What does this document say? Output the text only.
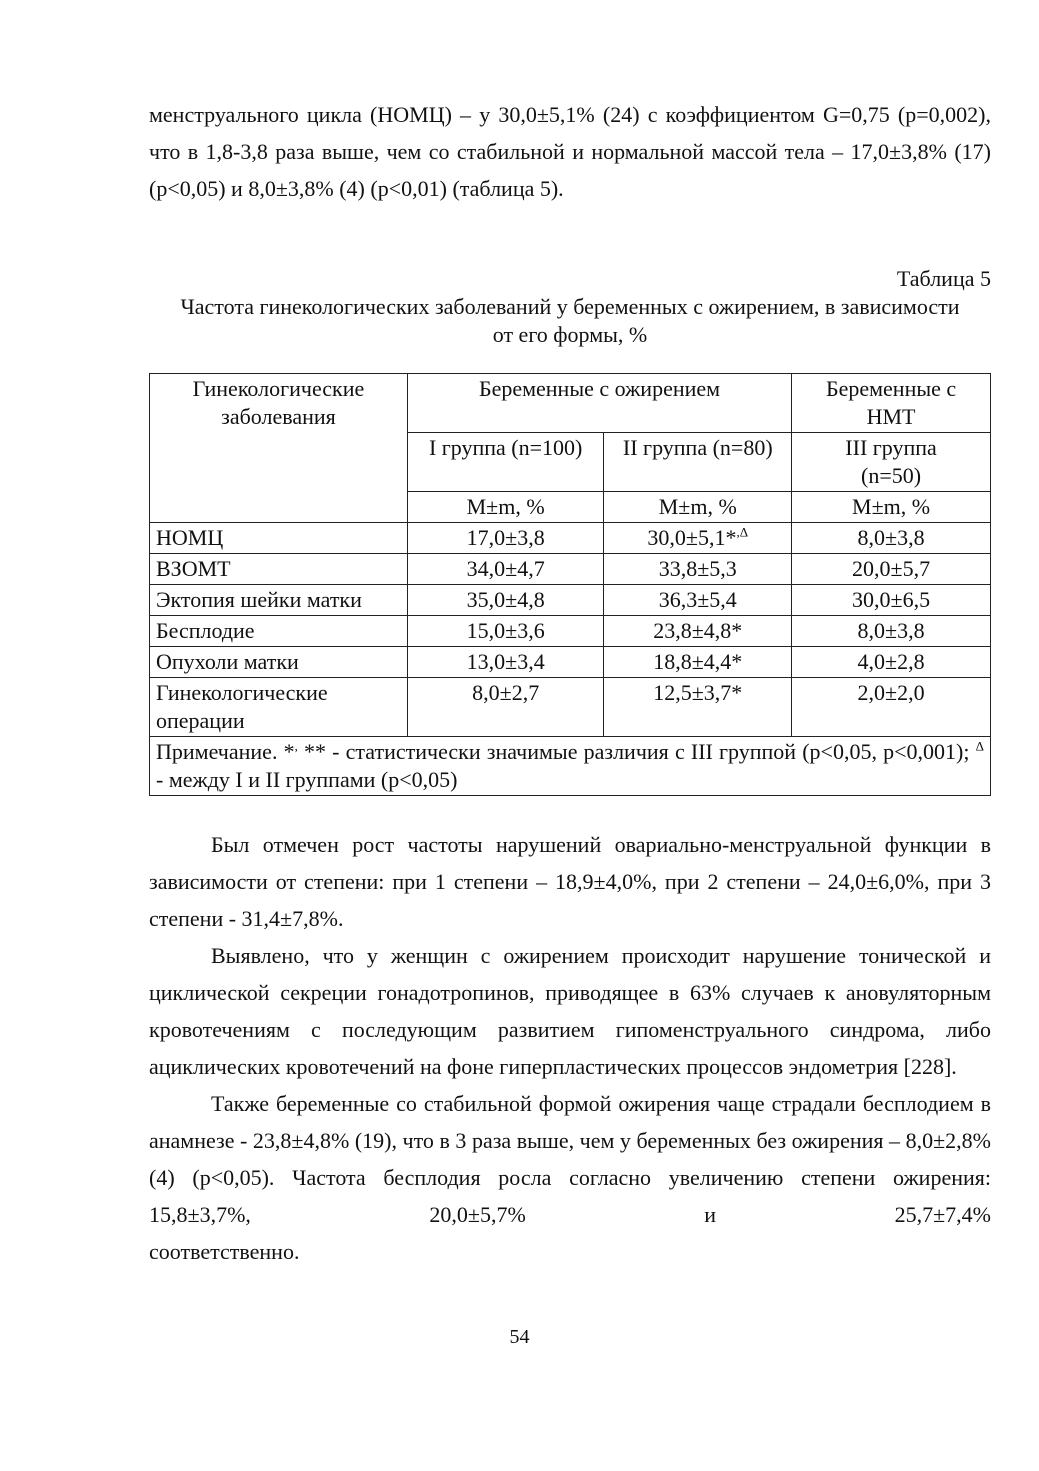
менструального цикла (НОМЦ) – у 30,0±5,1% (24) с коэффициентом G=0,75 (р=0,002), что в 1,8-3,8 раза выше, чем со стабильной и нормальной массой тела – 17,0±3,8% (17) (р<0,05) и 8,0±3,8% (4) (р<0,01) (таблица 5).

Таблица 5
Частота гинекологических заболеваний у беременных с ожирением, в зависимости от его формы, %
Гинекологические заболевания	Беременные с ожирением		Беременные с НМТ
	I группа (n=100)	II группа (n=80)	III группа (n=50)
	M±m, %	M±m, %	M±m, %
НОМЦ	17,0±3,8	30,0±5,1*$^{,\Delta}$	8,0±3,8
ВЗОМТ	34,0±4,7	33,8±5,3	20,0±5,7
Эктопия шейки матки	35,0±4,8	36,3±5,4	30,0±6,5
Бесплодие	15,0±3,6	23,8±4,8*	8,0±3,8
Опухоли матки	13,0±3,4	18,8±4,4*	4,0±2,8
Гинекологические операции	8,0±2,7	12,5±3,7*	2,0±2,0
Примечание. *, ** - статистически значимые различия с III группой (р<0,05, р<0,001); $^\Delta$ - между I и II группами (р<0,05)			

Был отмечен рост частоты нарушений овариально-менструальной функции в зависимости от степени: при 1 степени – 18,9±4,0%, при 2 степени – 24,0±6,0%, при 3 степени - 31,4±7,8%.

Выявлено, что у женщин с ожирением происходит нарушение тонической и циклической секреции гонадотропинов, приводящее в 63% случаев к ановуляторным кровотечениям с последующим развитием гипоменструального синдрома, либо ациклических кровотечений на фоне гиперпластических процессов эндометрия [228].

Также беременные со стабильной формой ожирения чаще страдали бесплодием в анамнезе - 23,8±4,8% (19), что в 3 раза выше, чем у беременных без ожирения – 8,0±2,8% (4) (р<0,05). Частота бесплодия росла согласно увеличению степени ожирения: 15,8±3,7%, 20,0±5,7% и 25,7±7,4%

соответственно.

54
